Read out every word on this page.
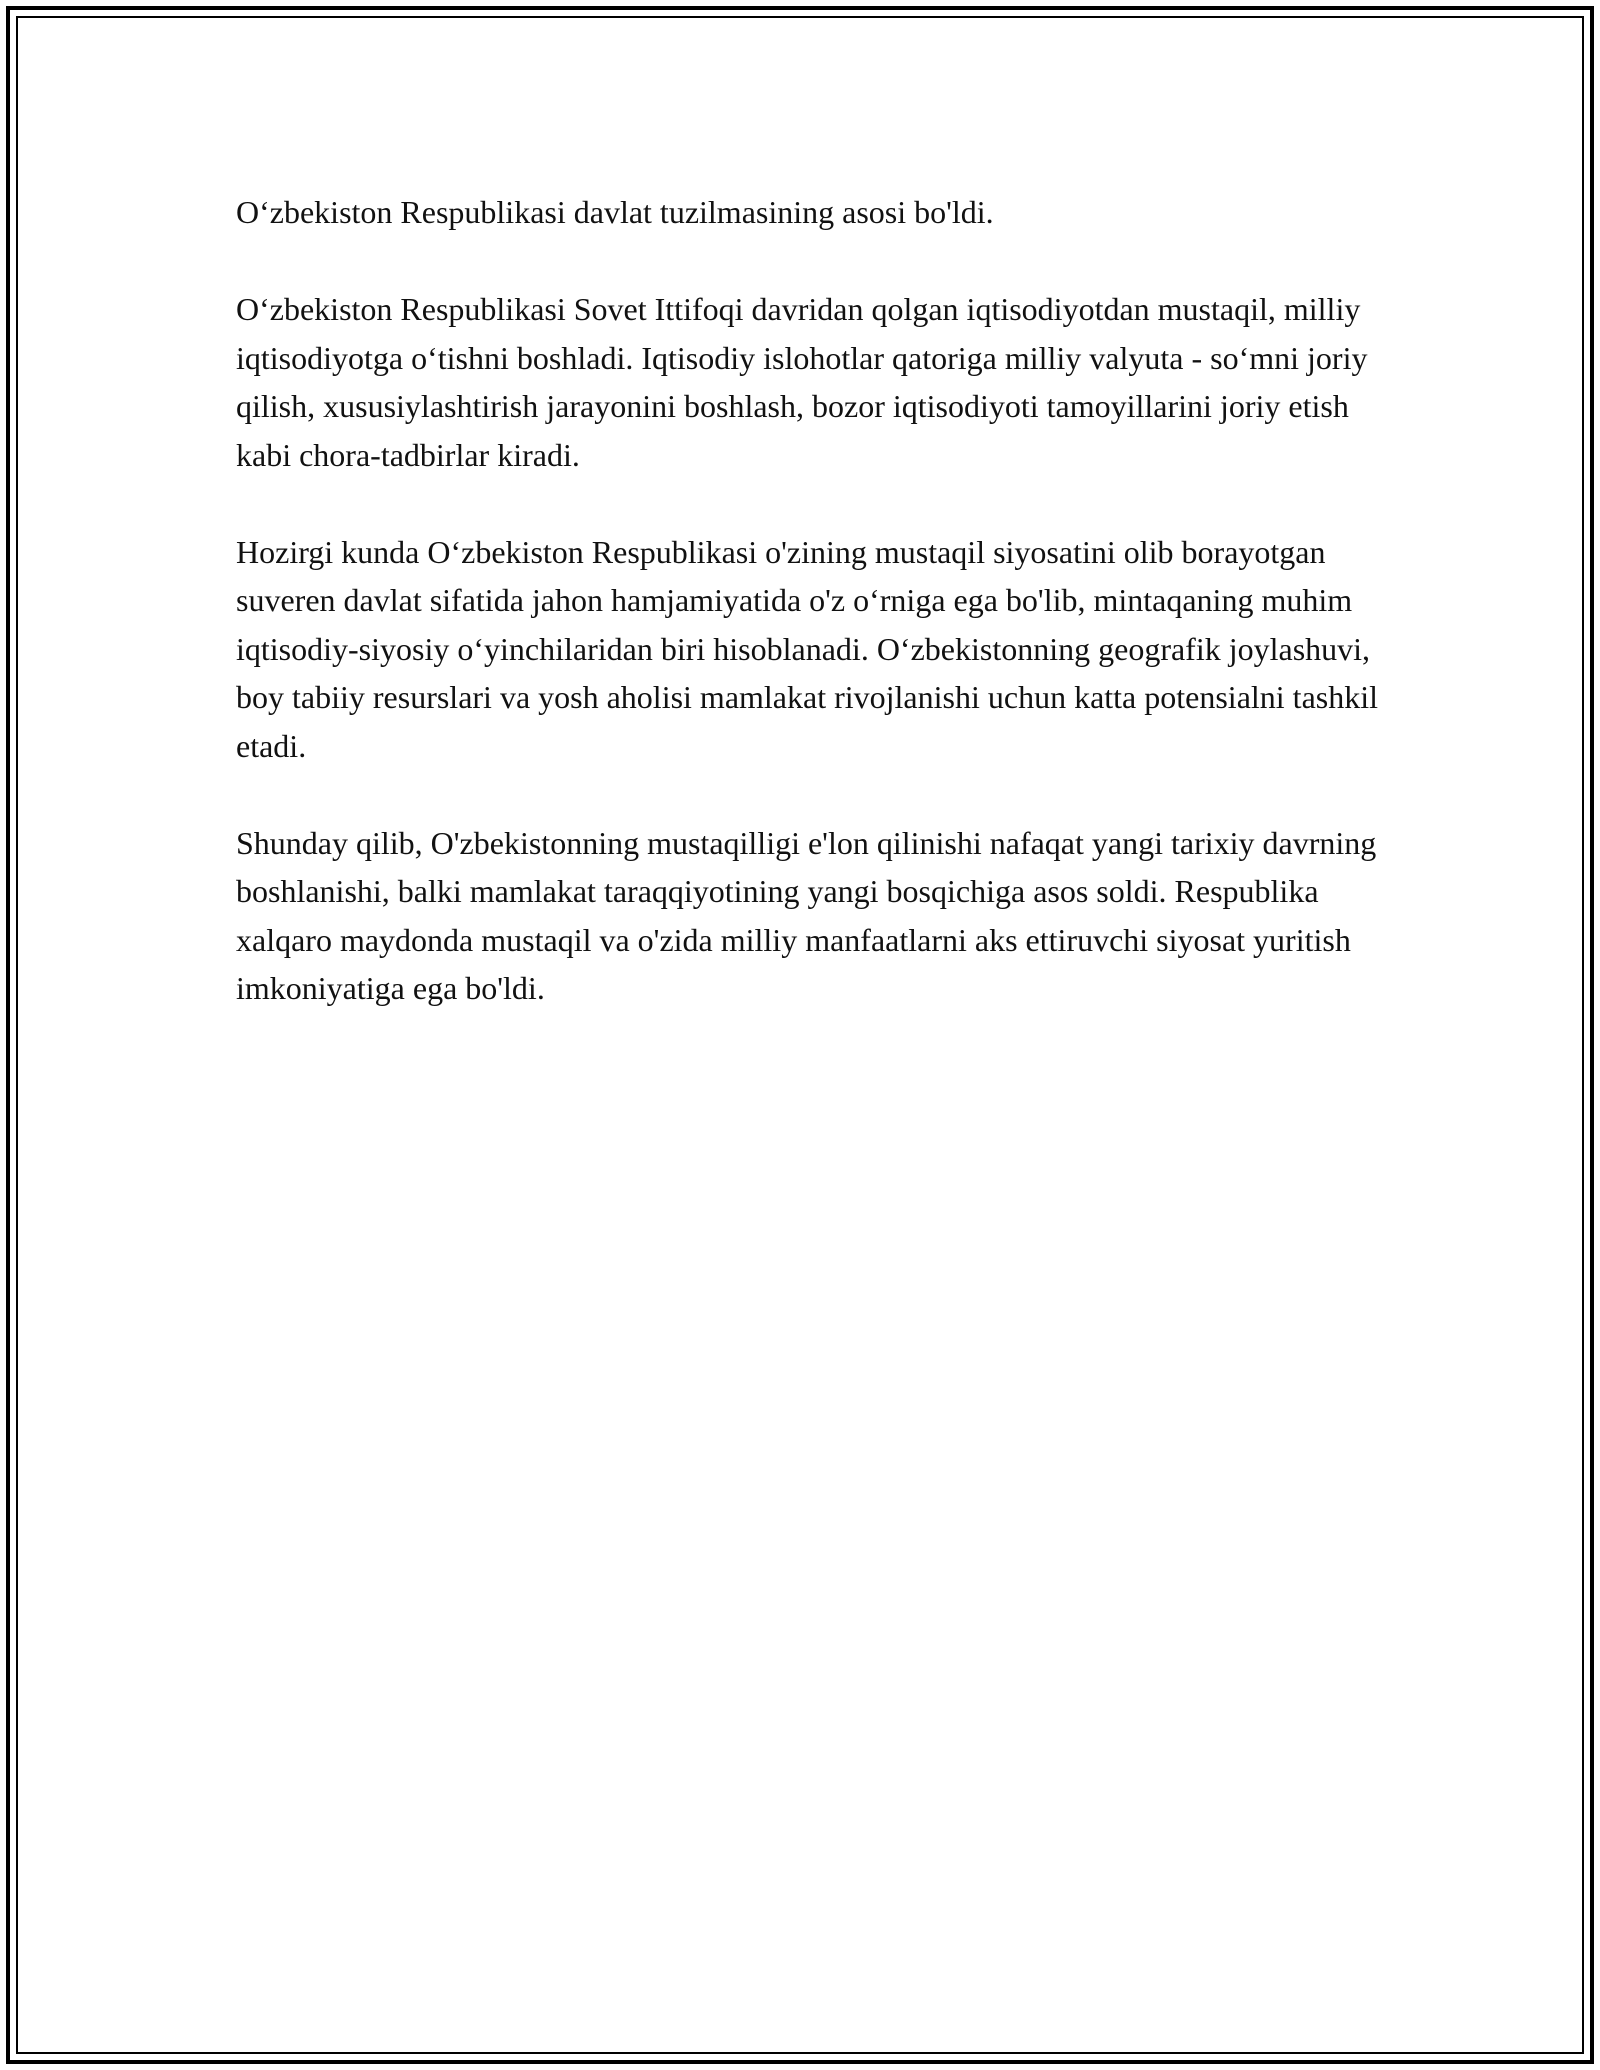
O‘zbekiston Respublikasi davlat tuzilmasining asosi bo'ldi.

O‘zbekiston Respublikasi Sovet Ittifoqi davridan qolgan iqtisodiyotdan mustaqil, milliy iqtisodiyotga o‘tishni boshladi. Iqtisodiy islohotlar qatoriga milliy valyuta - so‘mni joriy qilish, xususiylashtirish jarayonini boshlash, bozor iqtisodiyoti tamoyillarini joriy etish kabi chora-tadbirlar kiradi.

Hozirgi kunda O‘zbekiston Respublikasi o'zining mustaqil siyosatini olib borayotgan suveren davlat sifatida jahon hamjamiyatida o'z o‘rniga ega bo'lib, mintaqaning muhim iqtisodiy-siyosiy o‘yinchilaridan biri hisoblanadi. O‘zbekistonning geografik joylashuvi, boy tabiiy resurslari va yosh aholisi mamlakat rivojlanishi uchun katta potensialni tashkil etadi.

Shunday qilib, O'zbekistonning mustaqilligi e'lon qilinishi nafaqat yangi tarixiy davrning boshlanishi, balki mamlakat taraqqiyotining yangi bosqichiga asos soldi. Respublika xalqaro maydonda mustaqil va o'zida milliy manfaatlarni aks ettiruvchi siyosat yuritish imkoniyatiga ega bo'ldi.
